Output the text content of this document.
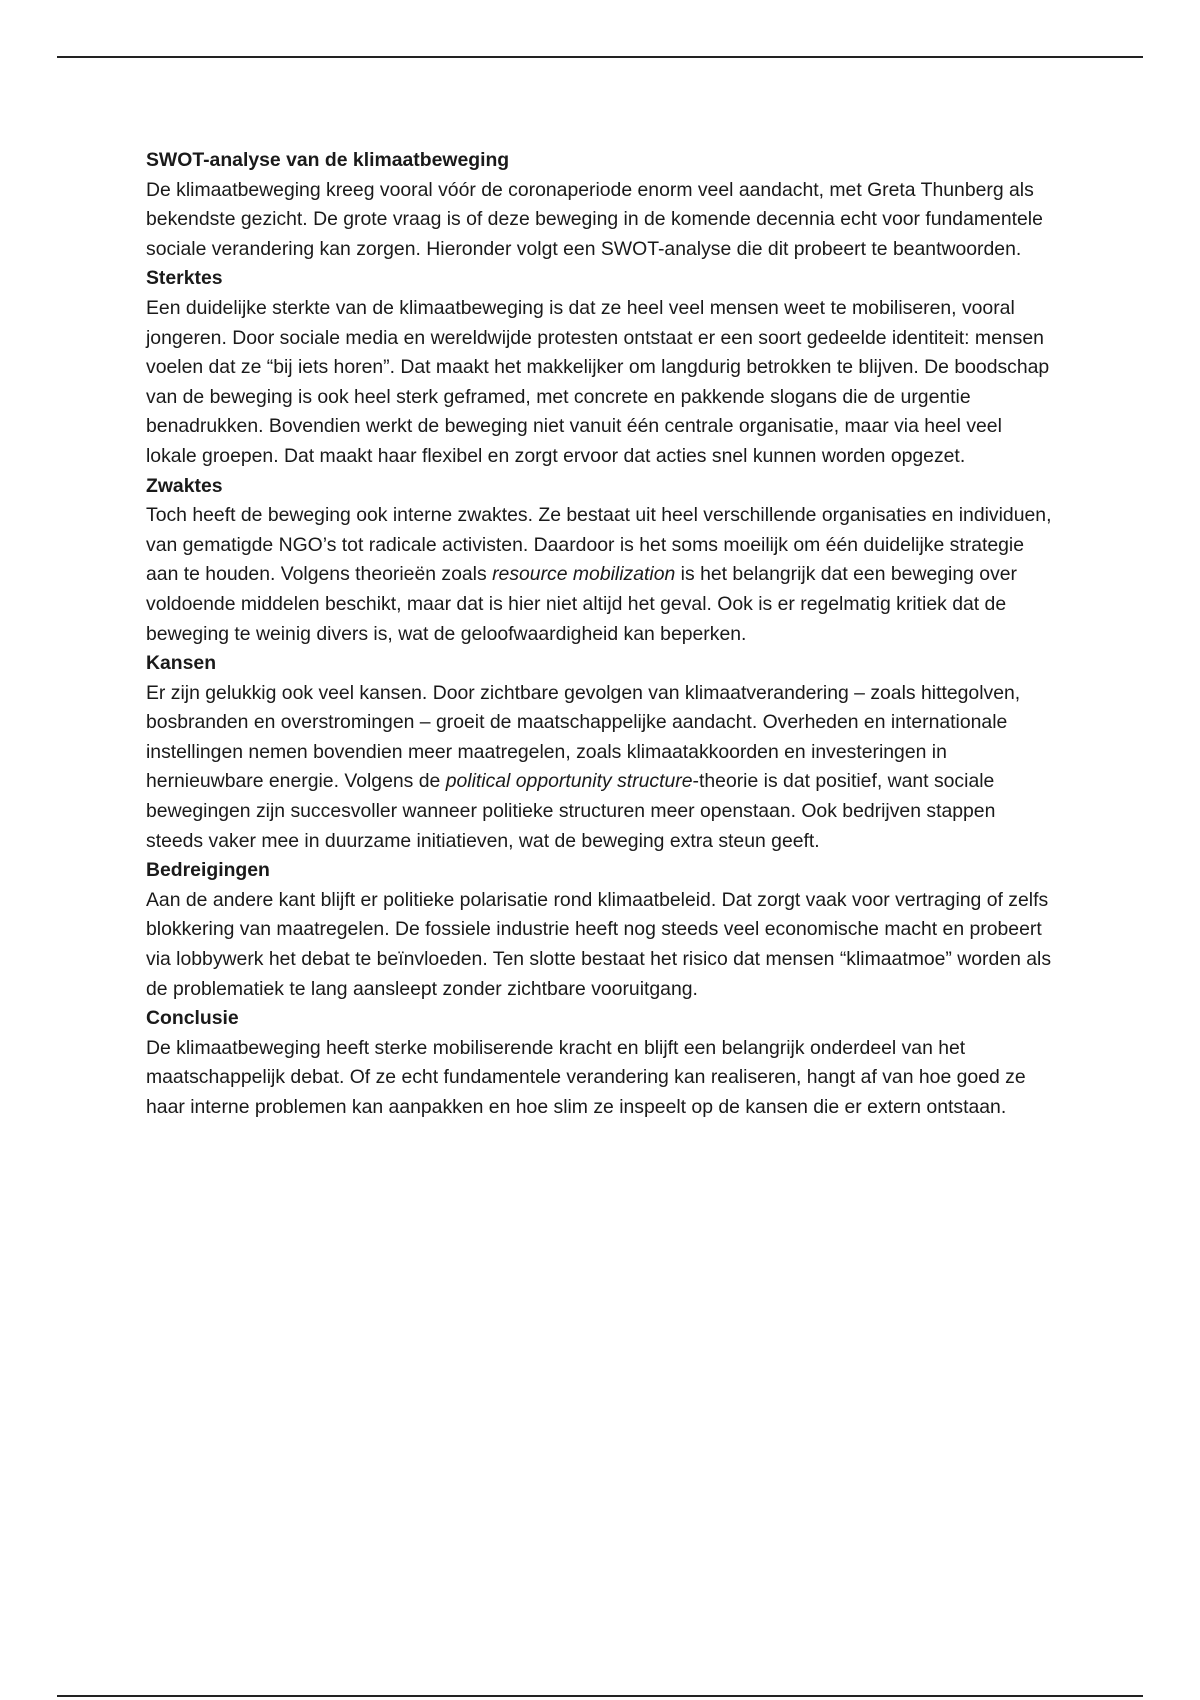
SWOT-analyse van de klimaatbeweging

De klimaatbeweging kreeg vooral vóór de coronaperiode enorm veel aandacht, met Greta Thunberg als bekendste gezicht. De grote vraag is of deze beweging in de komende decennia echt voor fundamentele sociale verandering kan zorgen. Hieronder volgt een SWOT-analyse die dit probeert te beantwoorden.

Sterktes

Een duidelijke sterkte van de klimaatbeweging is dat ze heel veel mensen weet te mobiliseren, vooral jongeren. Door sociale media en wereldwijde protesten ontstaat er een soort gedeelde identiteit: mensen voelen dat ze “bij iets horen”. Dat maakt het makkelijker om langdurig betrokken te blijven. De boodschap van de beweging is ook heel sterk geframed, met concrete en pakkende slogans die de urgentie benadrukken. Bovendien werkt de beweging niet vanuit één centrale organisatie, maar via heel veel lokale groepen. Dat maakt haar flexibel en zorgt ervoor dat acties snel kunnen worden opgezet.

Zwaktes

Toch heeft de beweging ook interne zwaktes. Ze bestaat uit heel verschillende organisaties en individuen, van gematigde NGO’s tot radicale activisten. Daardoor is het soms moeilijk om één duidelijke strategie aan te houden. Volgens theorieën zoals resource mobilization is het belangrijk dat een beweging over voldoende middelen beschikt, maar dat is hier niet altijd het geval. Ook is er regelmatig kritiek dat de beweging te weinig divers is, wat de geloofwaardigheid kan beperken.

Kansen

Er zijn gelukkig ook veel kansen. Door zichtbare gevolgen van klimaatverandering – zoals hittegolven, bosbranden en overstromingen – groeit de maatschappelijke aandacht. Overheden en internationale instellingen nemen bovendien meer maatregelen, zoals klimaatakkoorden en investeringen in hernieuwbare energie. Volgens de political opportunity structure-theorie is dat positief, want sociale bewegingen zijn succesvoller wanneer politieke structuren meer openstaan. Ook bedrijven stappen steeds vaker mee in duurzame initiatieven, wat de beweging extra steun geeft.

Bedreigingen

Aan de andere kant blijft er politieke polarisatie rond klimaatbeleid. Dat zorgt vaak voor vertraging of zelfs blokkering van maatregelen. De fossiele industrie heeft nog steeds veel economische macht en probeert via lobbywerk het debat te beïnvloeden. Ten slotte bestaat het risico dat mensen “klimaatmoe” worden als de problematiek te lang aansleept zonder zichtbare vooruitgang.

Conclusie

De klimaatbeweging heeft sterke mobiliserende kracht en blijft een belangrijk onderdeel van het maatschappelijk debat. Of ze echt fundamentele verandering kan realiseren, hangt af van hoe goed ze haar interne problemen kan aanpakken en hoe slim ze inspeelt op de kansen die er extern ontstaan.
